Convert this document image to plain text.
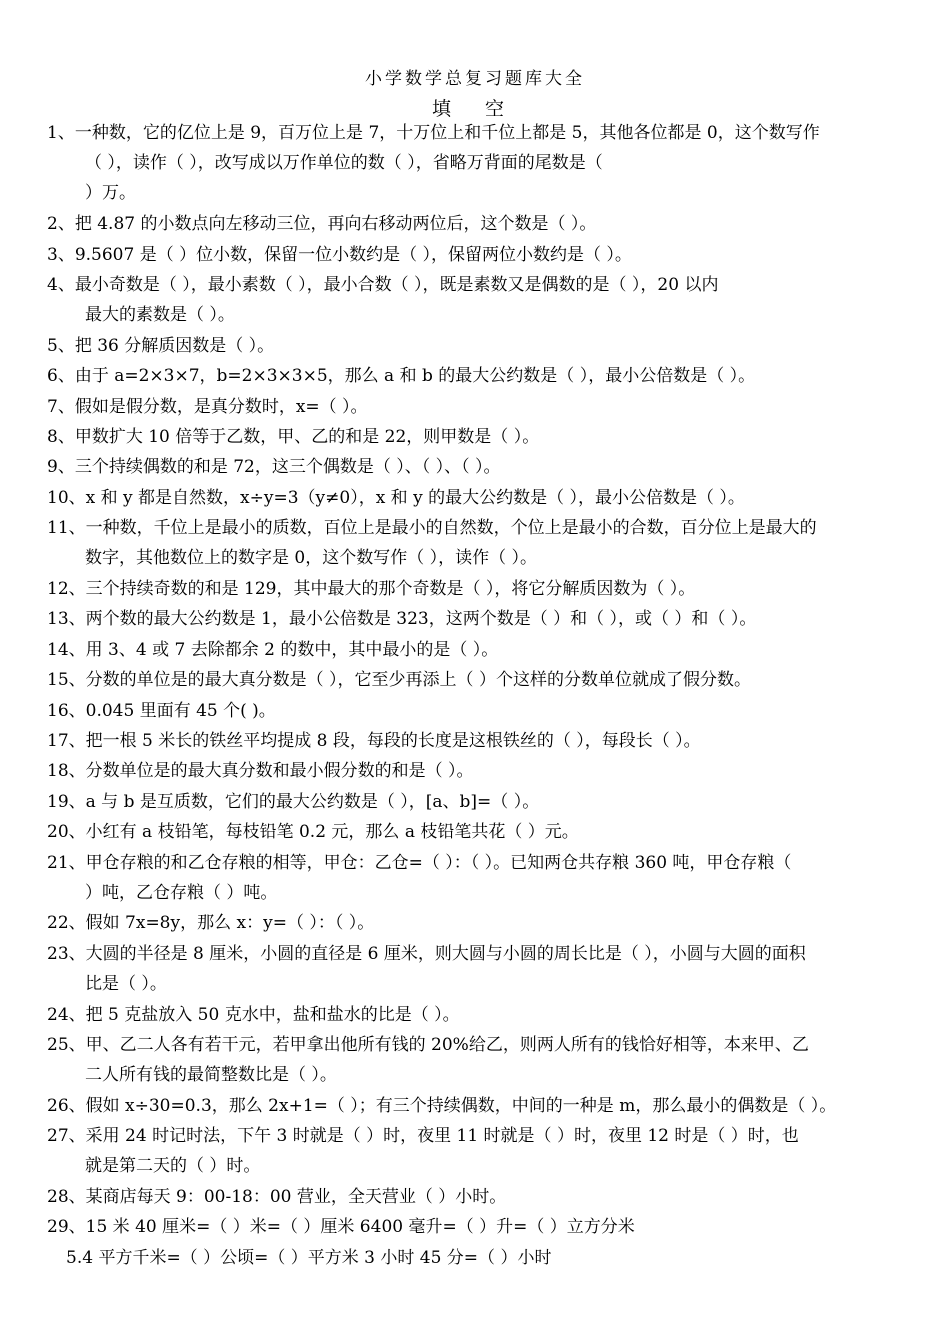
小学数学总复习题库大全
填 空
1、一种数，它的亿位上是 9，百万位上是 7，十万位上和千位上都是 5，其他各位都是 0，这个数写作
（ ），读作（ ），改写成以万作单位的数（ ），省略万背面的尾数是（
）万。
2、把 4.87 的小数点向左移动三位，再向右移动两位后，这个数是（ ）。
3、9.5607 是（ ）位小数，保留一位小数约是（ ），保留两位小数约是（ ）。
4、最小奇数是（ ），最小素数（ ），最小合数（ ），既是素数又是偶数的是（ ），20 以内
最大的素数是（ ）。
5、把 36 分解质因数是（ ）。
6、由于 a=2×3×7，b=2×3×3×5，那么 a 和 b 的最大公约数是（ ），最小公倍数是（ ）。
7、假如是假分数，是真分数时，x=（ ）。
8、甲数扩大 10 倍等于乙数，甲、乙的和是 22，则甲数是（ ）。
9、三个持续偶数的和是 72，这三个偶数是（ ）、（ ）、（ ）。
10、x 和 y 都是自然数，x÷y=3（y≠0），x 和 y 的最大公约数是（ ），最小公倍数是（ ）。
11、一种数，千位上是最小的质数，百位上是最小的自然数，个位上是最小的合数，百分位上是最大的
数字，其他数位上的数字是 0，这个数写作（ ），读作（ ）。
12、三个持续奇数的和是 129，其中最大的那个奇数是（ ），将它分解质因数为（ ）。
13、两个数的最大公约数是 1，最小公倍数是 323，这两个数是（ ）和（ ），或（ ）和（ ）。
14、用 3、4 或 7 去除都余 2 的数中，其中最小的是（ ）。
15、分数的单位是的最大真分数是（ ），它至少再添上（ ）个这样的分数单位就成了假分数。
16、0.045 里面有 45 个( )。
17、把一根 5 米长的铁丝平均提成 8 段，每段的长度是这根铁丝的（ ），每段长（ ）。
18、分数单位是的最大真分数和最小假分数的和是（ ）。
19、a 与 b 是互质数，它们的最大公约数是（ ），[a、b]=（ ）。
20、小红有 a 枝铅笔，每枝铅笔 0.2 元，那么 a 枝铅笔共花（ ）元。
21、甲仓存粮的和乙仓存粮的相等，甲仓：乙仓=（ ）：（ ）。已知两仓共存粮 360 吨，甲仓存粮（
）吨，乙仓存粮（ ）吨。
22、假如 7x=8y，那么 x：y=（ ）：（ ）。
23、大圆的半径是 8 厘米，小圆的直径是 6 厘米，则大圆与小圆的周长比是（ ），小圆与大圆的面积
比是（ ）。
24、把 5 克盐放入 50 克水中，盐和盐水的比是（ ）。
25、甲、乙二人各有若干元，若甲拿出他所有钱的 20%给乙，则两人所有的钱恰好相等，本来甲、乙
二人所有钱的最简整数比是（ ）。
26、假如 x÷30=0.3，那么 2x+1=（ ）；有三个持续偶数，中间的一种是 m，那么最小的偶数是（ ）。
27、采用 24 时记时法，下午 3 时就是（ ）时，夜里 11 时就是（ ）时，夜里 12 时是（ ）时，也
就是第二天的（ ）时。
28、某商店每天 9：00-18：00 营业，全天营业（ ）小时。
29、15 米 40 厘米=（ ）米=（ ）厘米 6400 毫升=（ ）升=（ ）立方分米
5.4 平方千米=（ ）公顷=（ ）平方米 3 小时 45 分=（ ）小时
